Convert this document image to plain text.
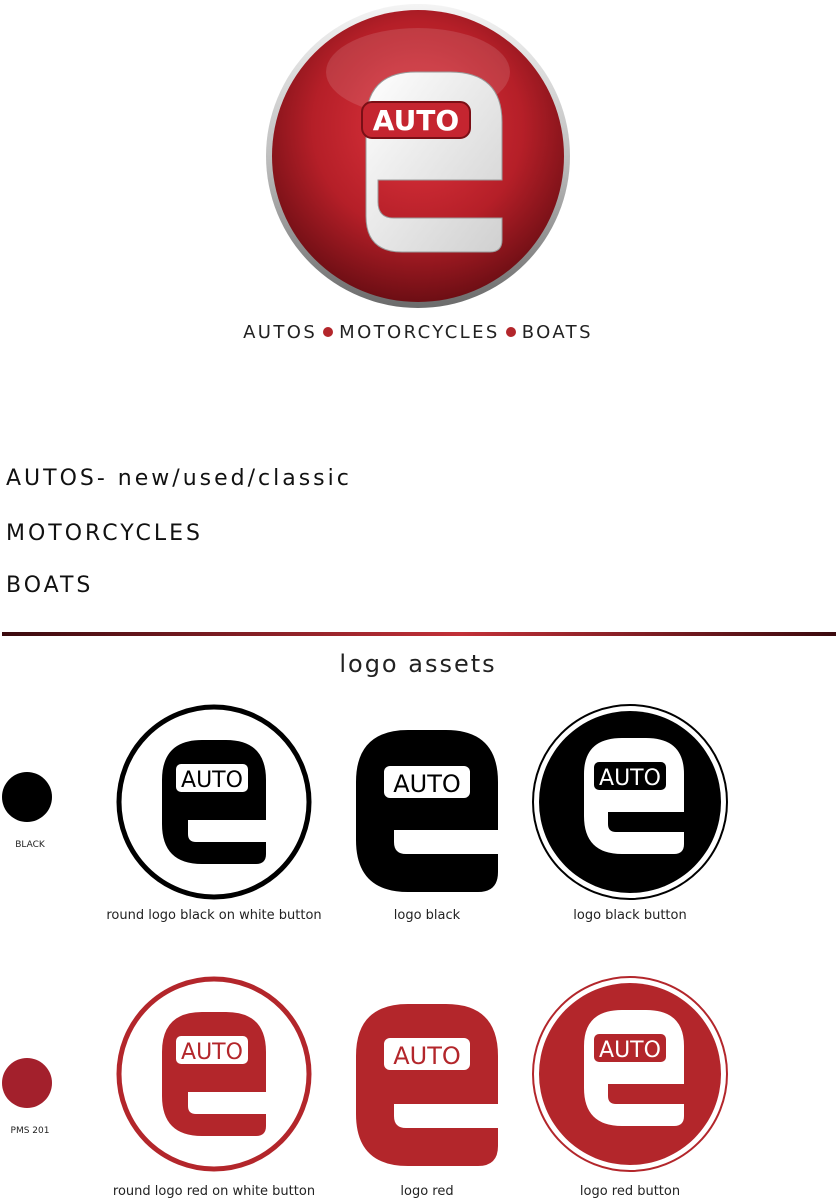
AUTO
AUTOS MOTORCYCLES BOATS
AUTOS- new/used/classic
MOTORCYCLES
BOATS
logo assets
BLACK
AUTO	AUTO	AUTO
round logo black on white button	logo black	logo black button
PMS 201
AUTO	AUTO	AUTO
round logo red on white button	logo red	logo red button
